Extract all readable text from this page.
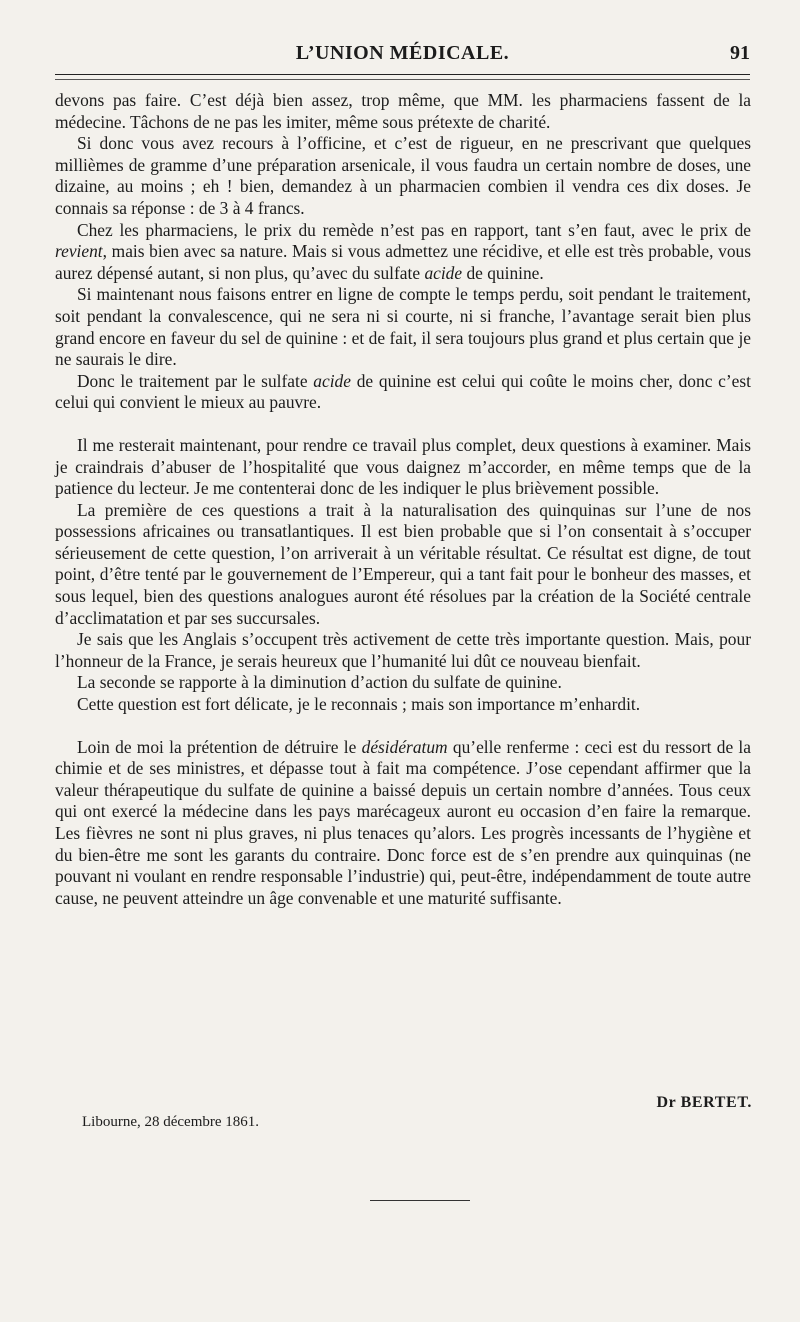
L’UNION MÉDICALE.	91

devons pas faire. C’est déjà bien assez, trop même, que MM. les pharmaciens fassent de la médecine. Tâchons de ne pas les imiter, même sous prétexte de charité.

Si donc vous avez recours à l’officine, et c’est de rigueur, en ne prescrivant que quelques millièmes de gramme d’une préparation arsenicale, il vous faudra un certain nombre de doses, une dizaine, au moins ; eh ! bien, demandez à un pharmacien combien il vendra ces dix doses. Je connais sa réponse : de 3 à 4 francs.

Chez les pharmaciens, le prix du remède n’est pas en rapport, tant s’en faut, avec le prix de revient, mais bien avec sa nature. Mais si vous admettez une récidive, et elle est très probable, vous aurez dépensé autant, si non plus, qu’avec du sulfate acide de quinine.

Si maintenant nous faisons entrer en ligne de compte le temps perdu, soit pendant le traitement, soit pendant la convalescence, qui ne sera ni si courte, ni si franche, l’avantage serait bien plus grand encore en faveur du sel de quinine : et de fait, il sera toujours plus grand et plus certain que je ne saurais le dire.

Donc le traitement par le sulfate acide de quinine est celui qui coûte le moins cher, donc c’est celui qui convient le mieux au pauvre.

Il me resterait maintenant, pour rendre ce travail plus complet, deux questions à examiner. Mais je craindrais d’abuser de l’hospitalité que vous daignez m’accorder, en même temps que de la patience du lecteur. Je me contenterai donc de les indiquer le plus brièvement possible.

La première de ces questions a trait à la naturalisation des quinquinas sur l’une de nos possessions africaines ou transatlantiques. Il est bien probable que si l’on consentait à s’occuper sérieusement de cette question, l’on arriverait à un véritable résultat. Ce résultat est digne, de tout point, d’être tenté par le gouvernement de l’Empereur, qui a tant fait pour le bonheur des masses, et sous lequel, bien des questions analogues auront été résolues par la création de la Société centrale d’acclimatation et par ses succursales.

Je sais que les Anglais s’occupent très activement de cette très importante question. Mais, pour l’honneur de la France, je serais heureux que l’humanité lui dût ce nouveau bienfait.

La seconde se rapporte à la diminution d’action du sulfate de quinine.

Cette question est fort délicate, je le reconnais ; mais son importance m’enhardit.

Loin de moi la prétention de détruire le désidératum qu’elle renferme : ceci est du ressort de la chimie et de ses ministres, et dépasse tout à fait ma compétence. J’ose cependant affirmer que la valeur thérapeutique du sulfate de quinine a baissé depuis un certain nombre d’années. Tous ceux qui ont exercé la médecine dans les pays marécageux auront eu occasion d’en faire la remarque. Les fièvres ne sont ni plus graves, ni plus tenaces qu’alors. Les progrès incessants de l’hygiène et du bien-être me sont les garants du contraire. Donc force est de s’en prendre aux quinquinas (ne pouvant ni voulant en rendre responsable l’industrie) qui, peut-être, indépendamment de toute autre cause, ne peuvent atteindre un âge convenable et une maturité suffisante.

Dr BERTET.
Libourne, 28 décembre 1861.
